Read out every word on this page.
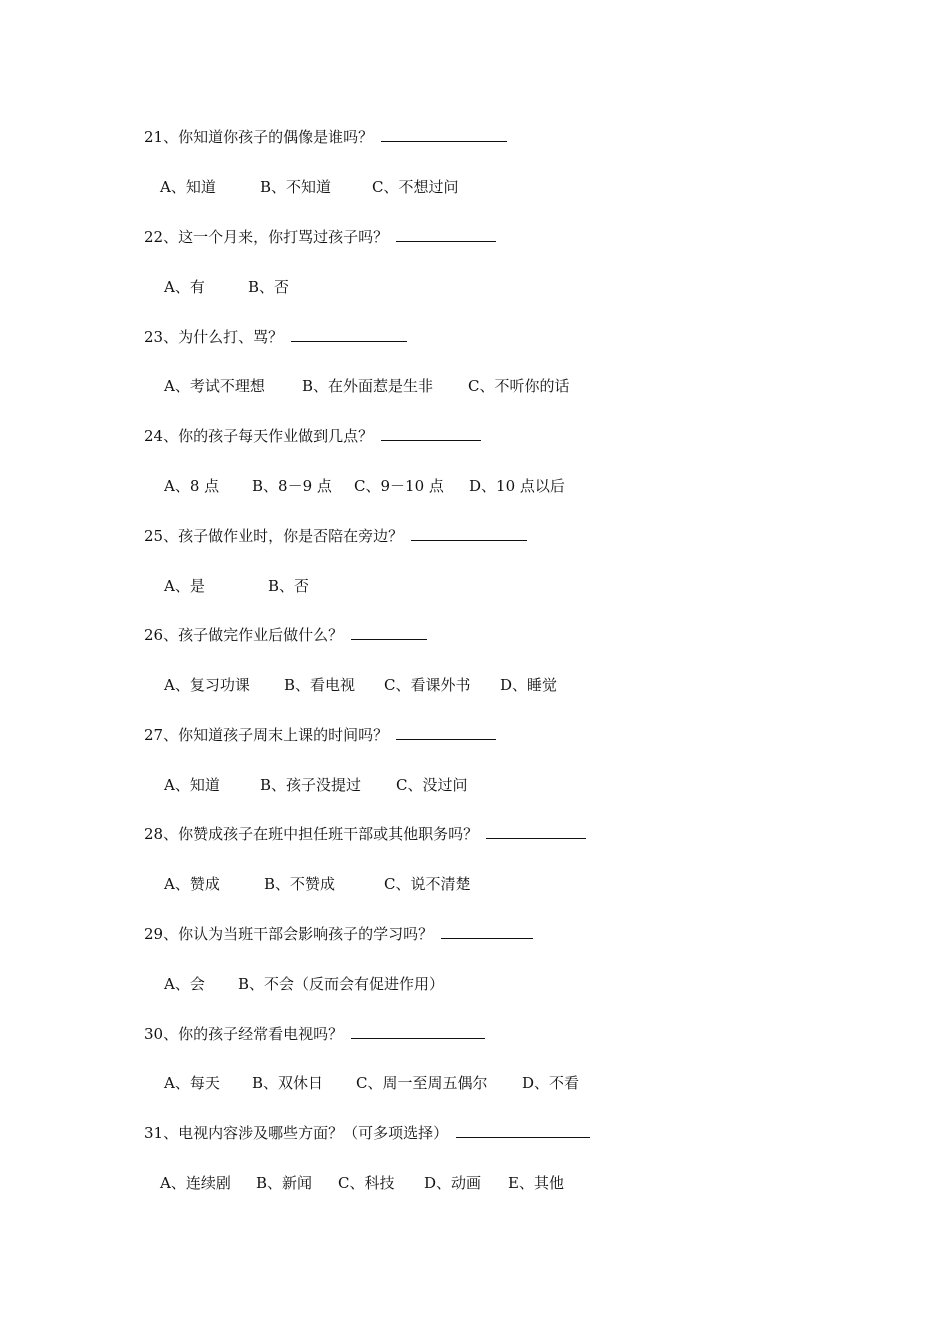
21、你知道你孩子的偶像是谁吗？
A、知道	B、不知道	C、不想过问
22、这一个月来，你打骂过孩子吗？
A、有	B、否
23、为什么打、骂？
A、考试不理想 B、在外面惹是生非 C、不听你的话
24、你的孩子每天作业做到几点？
A、8 点 B、8－9 点 C、9－10 点 D、10 点以后
25、孩子做作业时，你是否陪在旁边？
A、是	B、否
26、孩子做完作业后做什么？
A、复习功课 B、看电视 C、看课外书 D、睡觉
27、你知道孩子周末上课的时间吗？
A、知道	B、孩子没提过 C、没过问
28、你赞成孩子在班中担任班干部或其他职务吗？
A、赞成	B、不赞成	C、说不清楚
29、你认为当班干部会影响孩子的学习吗？
A、会 B、不会（反而会有促进作用）
30、你的孩子经常看电视吗？
A、每天 B、双休日 C、周一至周五偶尔 D、不看
31、电视内容涉及哪些方面？（可多项选择）
A、连续剧 B、新闻 C、科技 D、动画 E、其他
